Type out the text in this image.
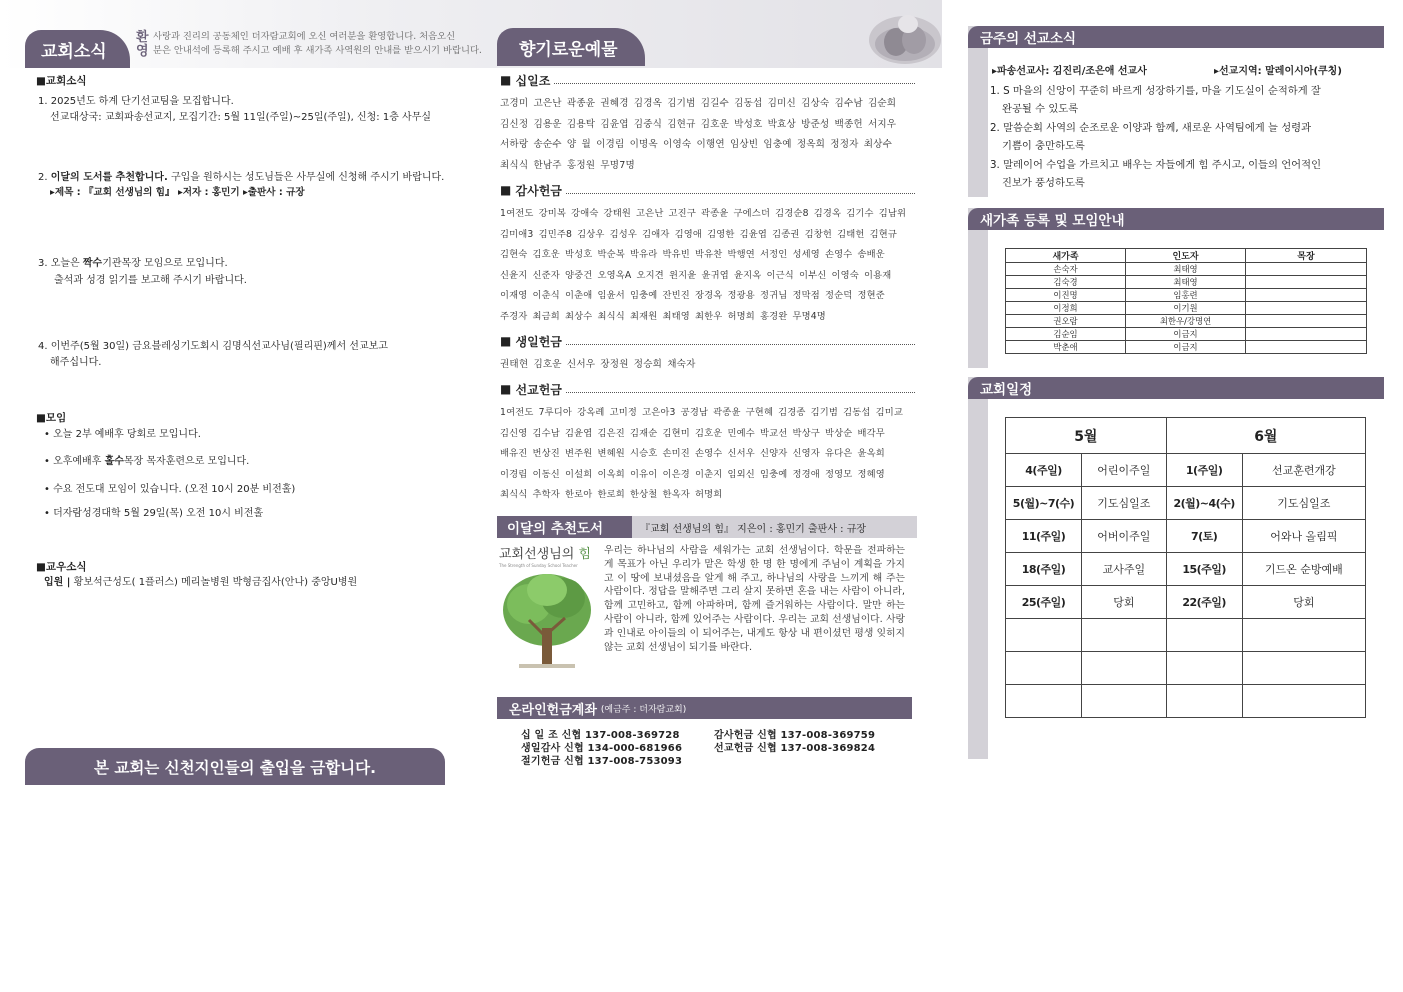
교회소식
환
영
사랑과 진리의 공동체인 더자람교회에 오신 여러분을 환영합니다. 처음오신
분은 안내석에 등록해 주시고 예배 후 새가족 사역원의 안내를 받으시기 바랍니다. 향기로운예물
■교회소식
1. 2025년도 하계 단기선교팀을 모집합니다.
선교대상국: 교회파송선교지, 모집기간: 5월 11일(주일)~25일(주일), 신청: 1층 사무실
2. 이달의 도서를 추천합니다. 구입을 원하시는 성도님들은 사무실에 신청해 주시기 바랍니다.
▸제목 : 『교회 선생님의 힘』 ▸저자 : 홍민기 ▸출판사 : 규장
3. 오늘은 짝수기관목장 모임으로 모입니다.
출석과 성경 읽기를 보고해 주시기 바랍니다.
4. 이번주(5월 30일) 금요블레싱기도회시 김명식선교사님(필리핀)께서 선교보고
해주십니다.
■모임
• 오늘 2부 예배후 당회로 모입니다.
• 오후예배후 홀수목장 목자훈련으로 모입니다.
• 수요 전도대 모임이 있습니다. (오전 10시 20분 비전홀)
• 더자람성경대학 5월 29일(목) 오전 10시 비전홀
■교우소식
입원 | 황보석근성도( 1플러스) 메리놀병원 박형금집사(안나) 중앙U병원
본 교회는 신천지인들의 출입을 금합니다.
■ 십일조
고경미 고은난 곽종윤 권혜경 김경옥 김기범 김길수 김동섭 김미신 김상숙 김수남 김순희
김신정 김용운 김용탁 김윤엽 김중식 김현규 김호운 박성호 박효상 방준성 백종헌 서지우
서하랑 송순수 양 월 이경림 이명옥 이영숙 이행연 임상빈 임충예 정옥희 정정자 최상수
최식식 한남주 홍정원 무명7명
■ 감사헌금
1여전도 강미복 강애숙 강태원 고은난 고진구 곽종윤 구에스더 김경순8 김경옥 김기수 김남위
김미애3 김민주8 김상우 김성우 김애자 김영애 김영한 김윤엽 김종권 김창헌 김태헌 김현규
김현숙 김호운 박성호 박순복 박유라 박유빈 박유찬 박행연 서정인 성세영 손영수 송배운
신윤지 신준자 양중건 오영옥A 오지견 윈지윤 윤귀엽 윤지옥 이근식 이부신 이영숙 이용재
이재영 이춘식 이춘애 임윤서 임충예 잔빈진 장경옥 정광용 정귀님 정막점 정순덕 정현준
주경자 최금희 최상수 최식식 최재원 최태영 최한우 허명희 홍경완 무명4명
■ 생일헌금
권태현 김호운 신서우 장정원 정승희 채숙자
■ 선교헌금
1여전도 7루디아 강옥례 고미정 고은아3 공경남 곽종윤 구현혜 김경종 김기범 김동섭 김미교
김신영 김수남 김윤엽 김은진 김재순 김현미 김호운 민예수 박교선 박상구 박상순 배각무
배유진 번상진 변주원 변혜원 시승호 손미진 손영수 신서우 신양자 신영자 유다은 윤옥희
이경림 이동신 이설희 이옥희 이유이 이은경 이춘지 임외신 임충예 정경애 정영모 정혜영
최식식 추학자 한로아 한로희 한상철 한옥자 허명희
이달의 추천도서	『교회 선생님의 힘』 지은이 : 홍민기 출판사 : 규장
교회선생님의 힘
The Strength of Sunday School Teacher
우리는 하나님의 사람을 세워가는 교회 선생님이다. 학문을 전파하는 게 목표가 아닌 우리가 맡은 학생 한 명 한 명에게 주님이 계획을 가지고 이 땅에 보내셨음을 알게 해 주고, 하나님의 사랑을 느끼게 해 주는 사람이다. 정답을 말해주면 그리 살지 못하면 혼을 내는 사람이 아니라, 함께 고민하고, 함께 아파하며, 함께 즐거워하는 사람이다. 말만 하는 사람이 아니라, 함께 있어주는 사람이다. 우리는 교회 선생님이다. 사랑과 인내로 아이들의 이 되어주는, 내게도 항상 내 편이셨던 평생 잊히지 않는 교회 선생님이 되기를 바란다.
온라인헌금계좌 (예금주 : 더자람교회)
십 일 조 신협 137-008-369728
생일감사 신협 134-000-681966
절기헌금 신협 137-008-753093
감사헌금 신협 137-008-369759
선교헌금 신협 137-008-369824
금주의 선교소식
▸파송선교사: 김진리/조은애 선교사	▸선교지역: 말레이시아(쿠칭)
1. S 마을의 신앙이 꾸준히 바르게 성장하기를, 마을 기도실이 순적하게 잘
완공될 수 있도록
2. 말씀순회 사역의 순조로운 이양과 함께, 새로운 사역팀에게 늘 성령과
기쁨이 충만하도록
3. 말레이어 수업을 가르치고 배우는 자들에게 힘 주시고, 이들의 언어적인
진보가 풍성하도록
새가족 등록 및 모임안내
새가족	인도자	목장
손숙자	최태영	
김숙경	최태영	
이진명	임홍련	
이정희	이기원	
권오람	최한우/강명연	
김순임	이금지	
박춘애	이금지	
교회일정
5월		6월	
4(주일)	어린이주일	1(주일)	선교훈련개강
5(월)~7(수)	기도심일조	2(월)~4(수)	기도심일조
11(주일)	어버이주일	7(토)	어와나 올림픽
18(주일)	교사주일	15(주일)	기드온 순방예배
25(주일)	당회	22(주일)	당회
